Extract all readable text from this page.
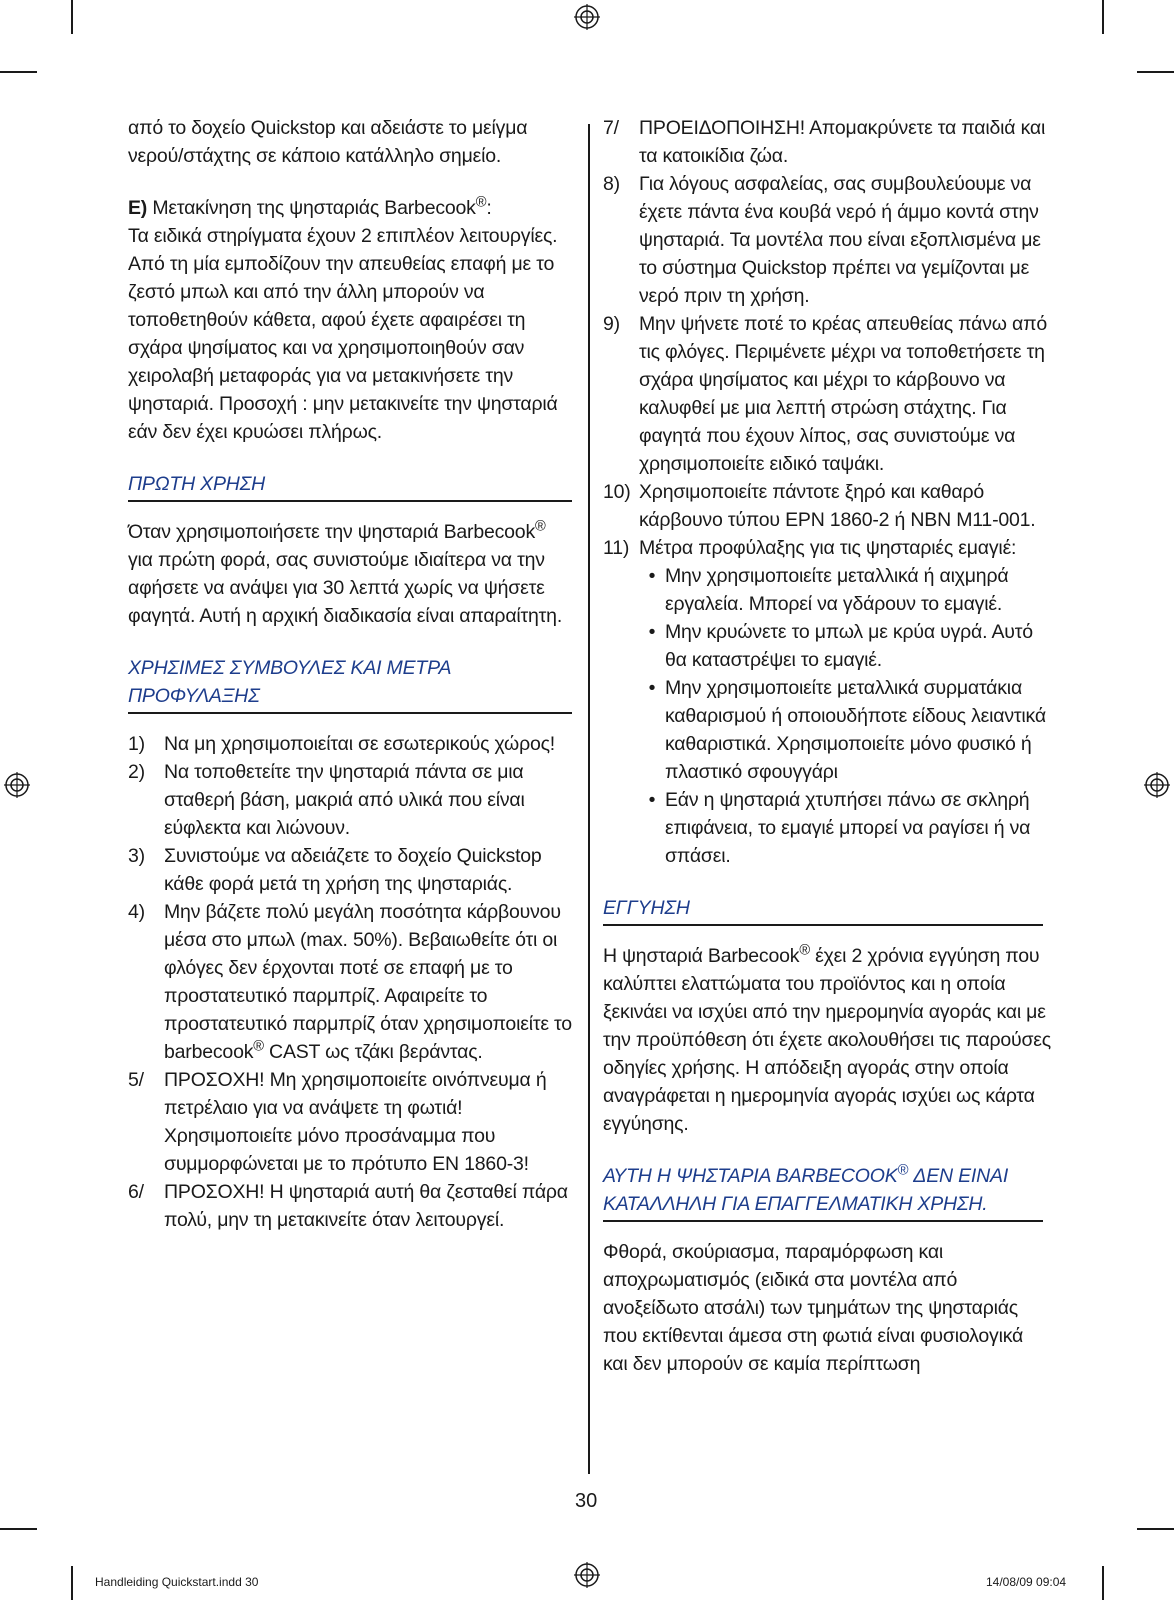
από το δοχείο Quickstop και αδειάστε το μείγμα νερού/στάχτης σε κάποιο κατάλληλο σημείο.

E) Μετακίνηση της ψησταριάς Barbecook®:

Τα ειδικά στηρίγματα έχουν 2 επιπλέον λειτουργίες. Από τη μία εμποδίζουν την απευθείας επαφή με το ζεστό μπωλ και από την άλλη μπορούν να τοποθετηθούν κάθετα, αφού έχετε αφαιρέσει τη σχάρα ψησίματος και να χρησιμοποιηθούν σαν χειρολαβή μεταφοράς για να μετακινήσετε την ψησταριά. Προσοχή : μην μετακινείτε την ψησταριά εάν δεν έχει κρυώσει πλήρως.

ΠΡΩΤΗ ΧΡΗΣΗ

Όταν χρησιμοποιήσετε την ψησταριά Barbecook® για πρώτη φορά, σας συνιστούμε ιδιαίτερα να την αφήσετε να ανάψει για 30 λεπτά χωρίς να ψήσετε φαγητά. Αυτή η αρχική διαδικασία είναι απαραίτητη.

ΧΡΗΣΙΜΕΣ ΣΥΜΒΟΥΛΕΣ ΚΑΙ ΜΕΤΡΑ
ΠΡΟΦΥΛΑΞΗΣ
1) Να μη χρησιμοποιείται σε εσωτερικούς χώρος!
2) Να τοποθετείτε την ψησταριά πάντα σε μια σταθερή βάση, μακριά από υλικά που είναι εύφλεκτα και λιώνουν.
3) Συνιστούμε να αδειάζετε το δοχείο Quickstop κάθε φορά μετά τη χρήση της ψησταριάς.
4) Μην βάζετε πολύ μεγάλη ποσότητα κάρβουνου μέσα στο μπωλ (max. 50%). Βεβαιωθείτε ότι οι φλόγες δεν έρχονται ποτέ σε επαφή με το προστατευτικό παρμπρίζ. Αφαιρείτε το προστατευτικό παρμπρίζ όταν χρησιμοποιείτε το barbecook® CAST ως τζάκι βεράντας.
5/	ΠΡΟΣΟΧΗ! Μη χρησιμοποιείτε οινόπνευμα ή πετρέλαιο για να ανάψετε τη φωτιά! Χρησιμοποιείτε μόνο προσάναμμα που συμμορφώνεται με το πρότυπο EN 1860-3!
6/	ΠΡΟΣΟΧΗ! Η ψησταριά αυτή θα ζεσταθεί πάρα πολύ, μην τη μετακινείτε όταν λειτουργεί.
7/	ΠΡΟΕΙΔΟΠΟΙΗΣΗ! Απομακρύνετε τα παιδιά και τα κατοικίδια ζώα.
8) Για λόγους ασφαλείας, σας συμβουλεύουμε να έχετε πάντα ένα κουβά νερό ή άμμο κοντά στην ψησταριά. Τα μοντέλα που είναι εξοπλισμένα με το σύστημα Quickstop πρέπει να γεμίζονται με νερό πριν τη χρήση.
9) Μην ψήνετε ποτέ το κρέας απευθείας πάνω από τις φλόγες. Περιμένετε μέχρι να τοποθετήσετε τη σχάρα ψησίματος και μέχρι το κάρβουνο να καλυφθεί με μια λεπτή στρώση στάχτης. Για φαγητά που έχουν λίπος, σας συνιστούμε να χρησιμοποιείτε ειδικό ταψάκι.
10) Χρησιμοποιείτε πάντοτε ξηρό και καθαρό κάρβουνο τύπου EPN 1860-2 ή NBN M11-001.
11) Μέτρα προφύλαξης για τις ψησταριές εμαγιέ:
• Μην χρησιμοποιείτε μεταλλικά ή αιχμηρά εργαλεία. Μπορεί να γδάρουν το εμαγιέ.
• Μην κρυώνετε το μπωλ με κρύα υγρά. Αυτό θα καταστρέψει το εμαγιέ.
• Μην χρησιμοποιείτε μεταλλικά συρματάκια καθαρισμού ή οποιουδήποτε είδους λειαντικά καθαριστικά. Χρησιμοποιείτε μόνο φυσικό ή πλαστικό σφουγγάρι
• Εάν η ψησταριά χτυπήσει πάνω σε σκληρή επιφάνεια, το εμαγιέ μπορεί να ραγίσει ή να σπάσει.
ΕΓΓΥΗΣΗ

Η ψησταριά Barbecook® έχει 2 χρόνια εγγύηση που καλύπτει ελαττώματα του προϊόντος και η οποία ξεκινάει να ισχύει από την ημερομηνία αγοράς και με την προϋπόθεση ότι έχετε ακολουθήσει τις παρούσες οδηγίες χρήσης. Η απόδειξη αγοράς στην οποία αναγράφεται η ημερομηνία αγοράς ισχύει ως κάρτα εγγύησης.

ΑΥΤΗ Η ΨΗΣΤΑΡΙΑ BARBECOOK® ΔΕΝ ΕΙΝΑΙ ΚΑΤΑΛΛΗΛΗ ΓΙΑ ΕΠΑΓΓΕΛΜΑΤΙΚΗ ΧΡΗΣΗ.

Φθορά, σκούριασμα, παραμόρφωση και αποχρωματισμός (ειδικά στα μοντέλα από ανοξείδωτο ατσάλι) των τμημάτων της ψησταριάς που εκτίθενται άμεσα στη φωτιά είναι φυσιολογικά και δεν μπορούν σε καμία περίπτωση

30
Handleiding Quickstart.indd 30	14/08/09 09:04
